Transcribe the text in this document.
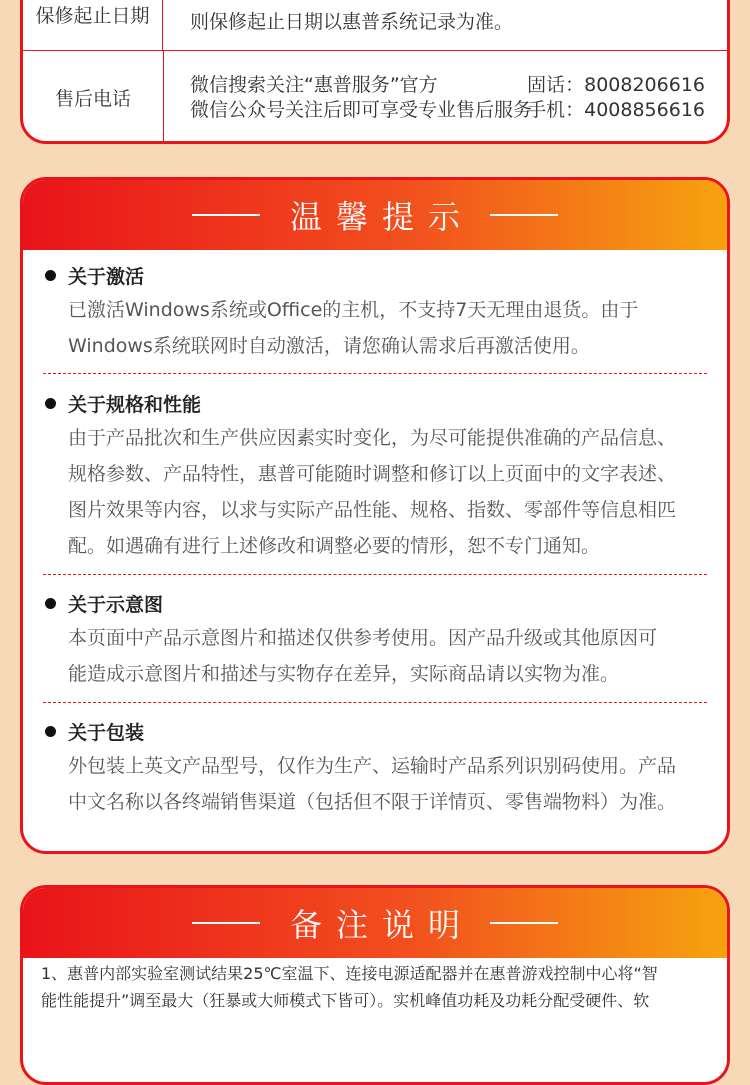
保修起止日期	则保修起止日期以惠普系统记录为准。
售后电话
微信搜索关注“惠普服务”官方
微信公众号关注后即可享受专业售后服务
固话：8008206616
手机：4008856616
温馨提示
关于激活
已激活Windows系统或Office的主机，不支持7天无理由退货。由于
Windows系统联网时自动激活，请您确认需求后再激活使用。
关于规格和性能
由于产品批次和生产供应因素实时变化，为尽可能提供准确的产品信息、
规格参数、产品特性，惠普可能随时调整和修订以上页面中的文字表述、
图片效果等内容，以求与实际产品性能、规格、指数、零部件等信息相匹
配。如遇确有进行上述修改和调整必要的情形，恕不专门通知。
关于示意图
本页面中产品示意图片和描述仅供参考使用。因产品升级或其他原因可
能造成示意图片和描述与实物存在差异，实际商品请以实物为准。
关于包装
外包装上英文产品型号，仅作为生产、运输时产品系列识别码使用。产品
中文名称以各终端销售渠道（包括但不限于详情页、零售端物料）为准。
备注说明
1、惠普内部实验室测试结果25℃室温下、连接电源适配器并在惠普游戏控制中心将“智
能性能提升”调至最大（狂暴或大师模式下皆可）。实机峰值功耗及功耗分配受硬件、软
